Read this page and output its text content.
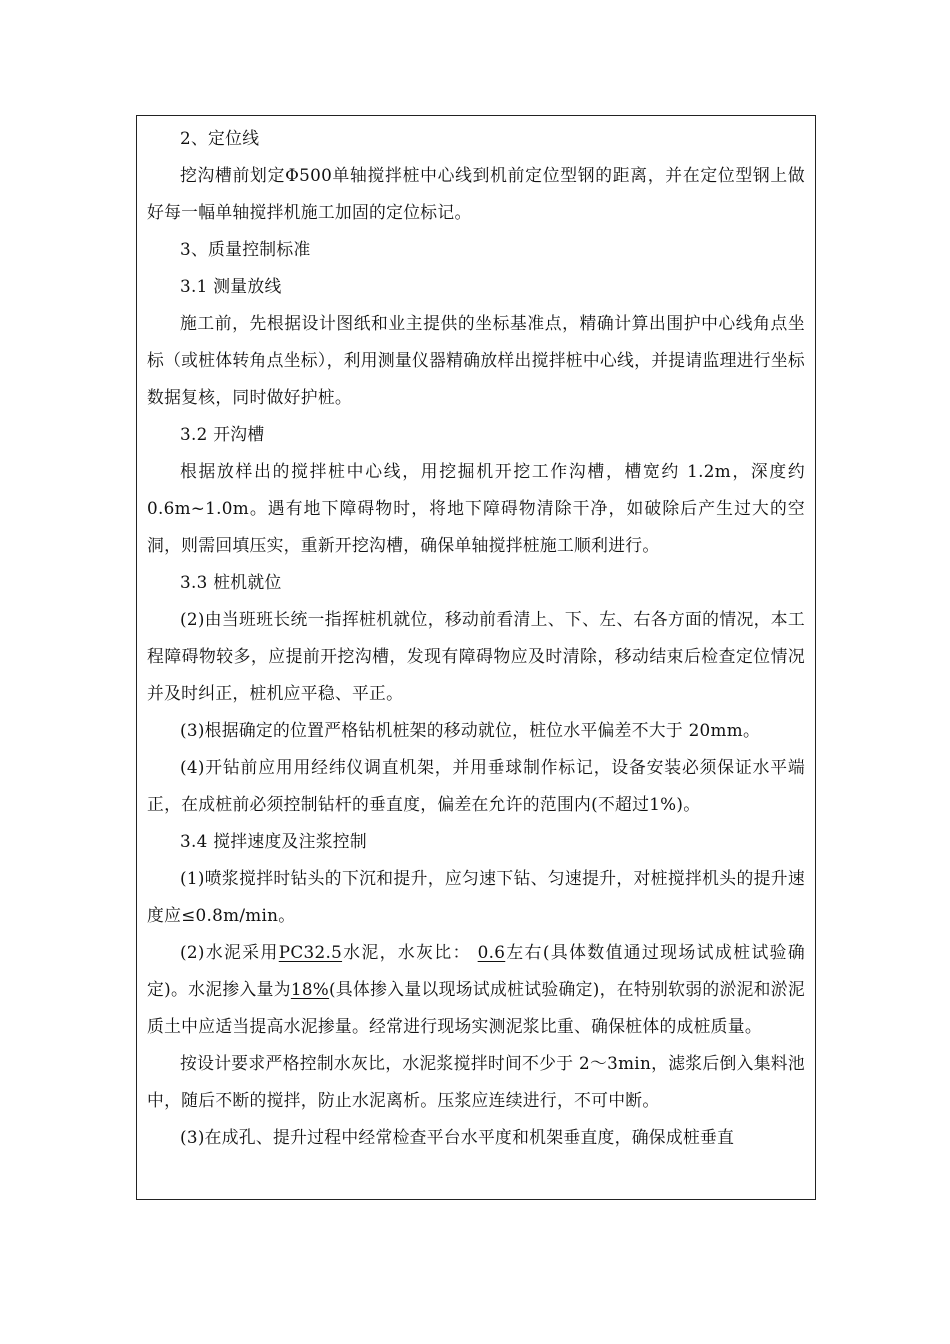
2、定位线

挖沟槽前划定Φ500单轴搅拌桩中心线到机前定位型钢的距离，并在定位型钢上做好每一幅单轴搅拌机施工加固的定位标记。

3、质量控制标准

3.1 测量放线

施工前，先根据设计图纸和业主提供的坐标基准点，精确计算出围护中心线角点坐标（或桩体转角点坐标），利用测量仪器精确放样出搅拌桩中心线，并提请监理进行坐标数据复核，同时做好护桩。

3.2 开沟槽

根据放样出的搅拌桩中心线，用挖掘机开挖工作沟槽，槽宽约 1.2m，深度约 0.6m~1.0m。遇有地下障碍物时，将地下障碍物清除干净，如破除后产生过大的空洞，则需回填压实，重新开挖沟槽，确保单轴搅拌桩施工顺利进行。

3.3 桩机就位

(2)由当班班长统一指挥桩机就位，移动前看清上、下、左、右各方面的情况，本工程障碍物较多，应提前开挖沟槽，发现有障碍物应及时清除，移动结束后检查定位情况并及时纠正，桩机应平稳、平正。

(3)根据确定的位置严格钻机桩架的移动就位，桩位水平偏差不大于 20mm。

(4)开钻前应用用经纬仪调直机架，并用垂球制作标记，设备安装必须保证水平端正，在成桩前必须控制钻杆的垂直度，偏差在允许的范围内(不超过1%)。

3.4 搅拌速度及注浆控制

(1)喷浆搅拌时钻头的下沉和提升，应匀速下钻、匀速提升，对桩搅拌机头的提升速度应≤0.8m/min。

(2)水泥采用PC32.5水泥，水灰比： 0.6左右(具体数值通过现场试成桩试验确定)。水泥掺入量为18%(具体掺入量以现场试成桩试验确定)，在特别软弱的淤泥和淤泥质土中应适当提高水泥掺量。经常进行现场实测泥浆比重、确保桩体的成桩质量。

按设计要求严格控制水灰比，水泥浆搅拌时间不少于 2～3min，滤浆后倒入集料池中，随后不断的搅拌，防止水泥离析。压浆应连续进行，不可中断。

(3)在成孔、提升过程中经常检查平台水平度和机架垂直度，确保成桩垂直
